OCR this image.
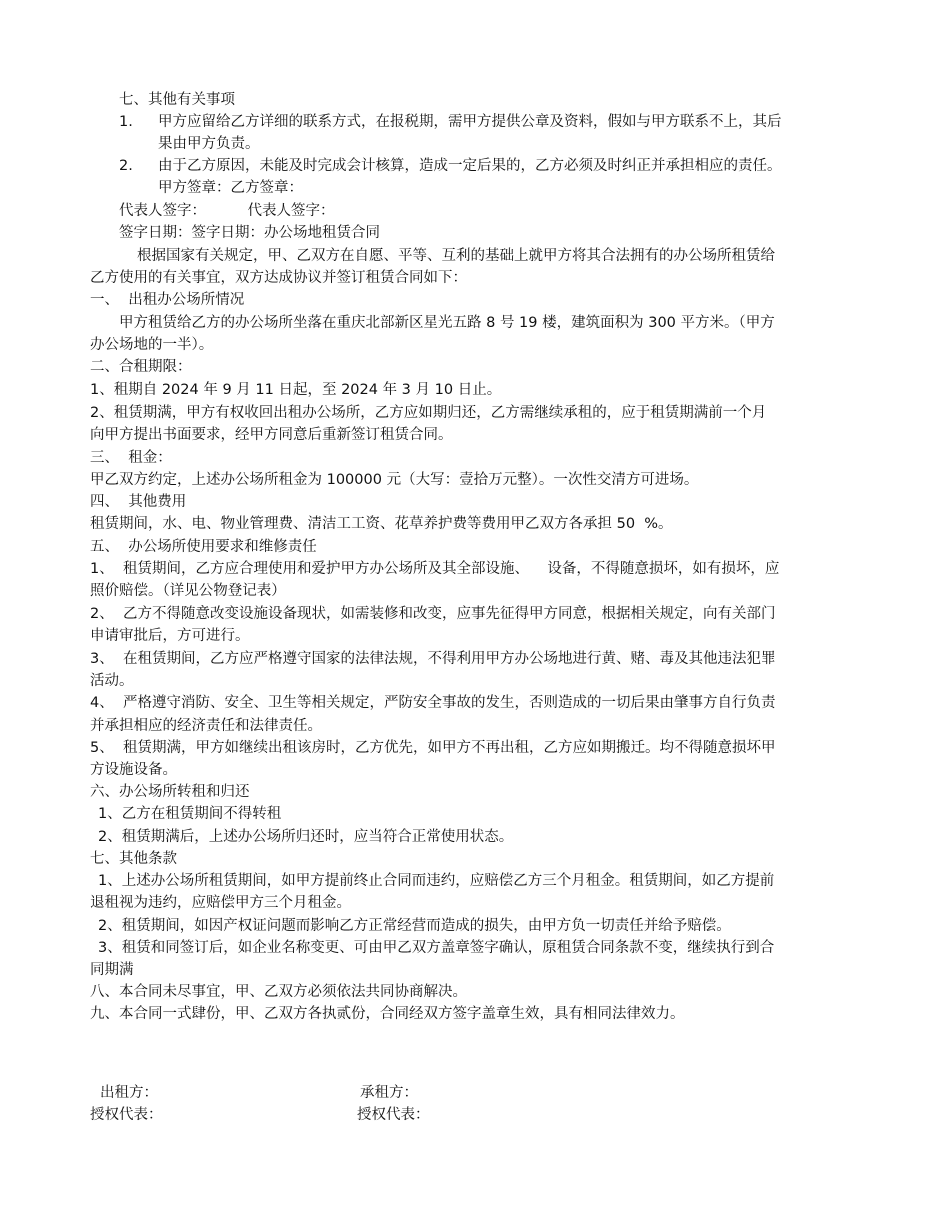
七、其他有关事项
1. 甲方应留给乙方详细的联系方式，在报税期，需甲方提供公章及资料，假如与甲方联系不上，其后
果由甲方负责。
2. 由于乙方原因，未能及时完成会计核算，造成一定后果的，乙方必须及时纠正并承担相应的责任。
甲方签章：乙方签章：
代表人签字：         代表人签字：
签字日期：签字日期：办公场地租赁合同
根据国家有关规定，甲、乙双方在自愿、平等、互利的基础上就甲方将其合法拥有的办公场所租赁给
乙方使用的有关事宜，双方达成协议并签订租赁合同如下：
一、  出租办公场所情况
甲方租赁给乙方的办公场所坐落在重庆北部新区星光五路 8 号 19 楼，建筑面积为 300 平方米。（甲方
办公场地的一半）。
二、合租期限：
1、租期自 2024 年 9 月 11 日起，至 2024 年 3 月 10 日止。
2、租赁期满，甲方有权收回出租办公场所，乙方应如期归还，乙方需继续承租的，应于租赁期满前一个月
向甲方提出书面要求，经甲方同意后重新签订租赁合同。
三、  租金：
甲乙双方约定，上述办公场所租金为 100000 元（大写：壹拾万元整）。一次性交清方可进场。
四、  其他费用
租赁期间，水、电、物业管理费、清洁工工资、花草养护费等费用甲乙双方各承担 50  %。
五、  办公场所使用要求和维修责任
1、  租赁期间，乙方应合理使用和爱护甲方办公场所及其全部设施、    设备，不得随意损坏，如有损坏，应
照价赔偿。（详见公物登记表）
2、  乙方不得随意改变设施设备现状，如需装修和改变，应事先征得甲方同意，根据相关规定，向有关部门
申请审批后，方可进行。
3、  在租赁期间，乙方应严格遵守国家的法律法规，不得利用甲方办公场地进行黄、赌、毒及其他违法犯罪
活动。
4、  严格遵守消防、安全、卫生等相关规定，严防安全事故的发生，否则造成的一切后果由肇事方自行负责
并承担相应的经济责任和法律责任。
5、  租赁期满，甲方如继续出租该房时，乙方优先，如甲方不再出租，乙方应如期搬迁。均不得随意损坏甲
方设施设备。
六、办公场所转租和归还
1、乙方在租赁期间不得转租
2、租赁期满后，上述办公场所归还时，应当符合正常使用状态。
七、其他条款
1、上述办公场所租赁期间，如甲方提前终止合同而违约，应赔偿乙方三个月租金。租赁期间，如乙方提前
退租视为违约，应赔偿甲方三个月租金。
2、租赁期间，如因产权证问题而影响乙方正常经营而造成的损失，由甲方负一切责任并给予赔偿。
3、租赁和同签订后，如企业名称变更、可由甲乙双方盖章签字确认，原租赁合同条款不变，继续执行到合
同期满
八、本合同未尽事宜，甲、乙双方必须依法共同协商解决。
九、本合同一式肆份，甲、乙双方各执贰份，合同经双方签字盖章生效，具有相同法律效力。
出租方：	承租方：
授权代表：	授权代表：
